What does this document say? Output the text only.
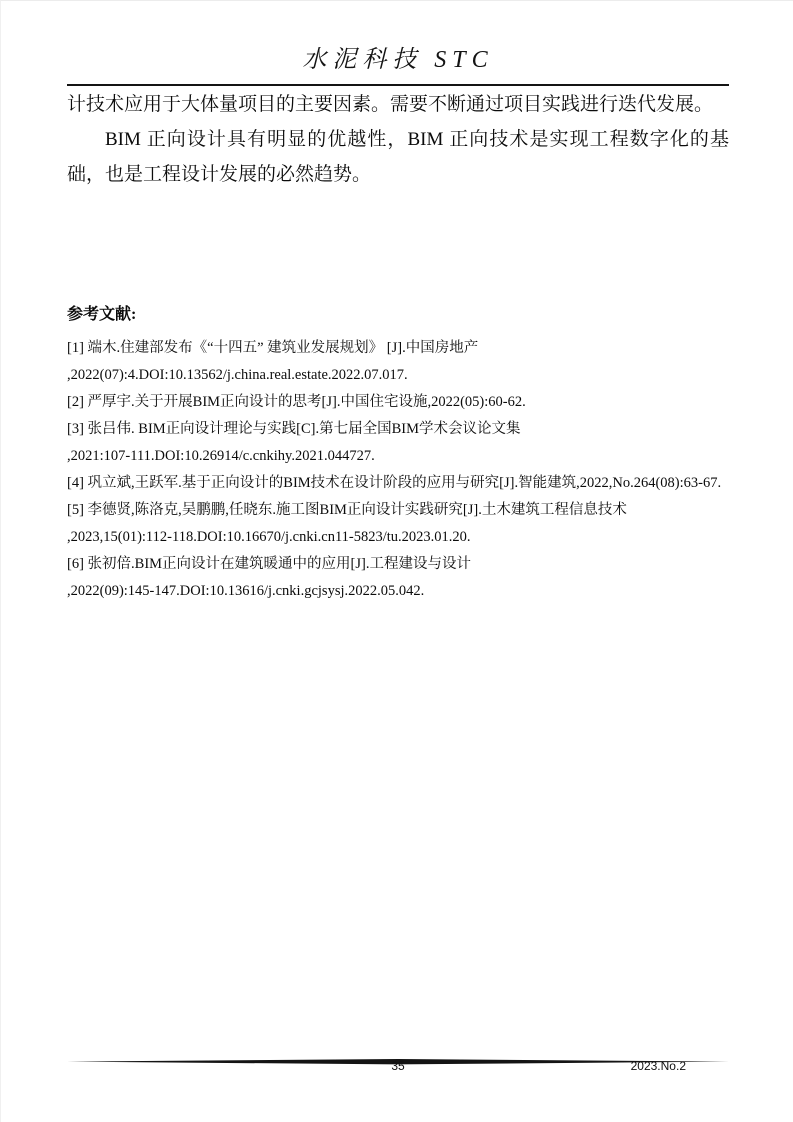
水泥科技 STC

计技术应用于大体量项目的主要因素。需要不断通过项目实践进行迭代发展。

BIM 正向设计具有明显的优越性，BIM 正向技术是实现工程数字化的基础，也是工程设计发展的必然趋势。

参考文献:
[1] 端木.住建部发布《“十四五” 建筑业发展规划》 [J].中国房地产
,2022(07):4.DOI:10.13562/j.china.real.estate.2022.07.017.
[2] 严厚宇.关于开展BIM正向设计的思考[J].中国住宅设施,2022(05):60-62.
[3] 张吕伟. BIM正向设计理论与实践[C].第七届全国BIM学术会议论文集
,2021:107-111.DOI:10.26914/c.cnkihy.2021.044727.
[4] 巩立斌,王跃军.基于正向设计的BIM技术在设计阶段的应用与研究[J].智能建筑,2022,No.264(08):63-67.
[5] 李德贤,陈洛克,吴鹏鹏,任晓东.施工图BIM正向设计实践研究[J].土木建筑工程信息技术
,2023,15(01):112-118.DOI:10.16670/j.cnki.cn11-5823/tu.2023.01.20.
[6] 张初倍.BIM正向设计在建筑暖通中的应用[J].工程建设与设计
,2022(09):145-147.DOI:10.13616/j.cnki.gcjsysj.2022.05.042.
35	2023.No.2
